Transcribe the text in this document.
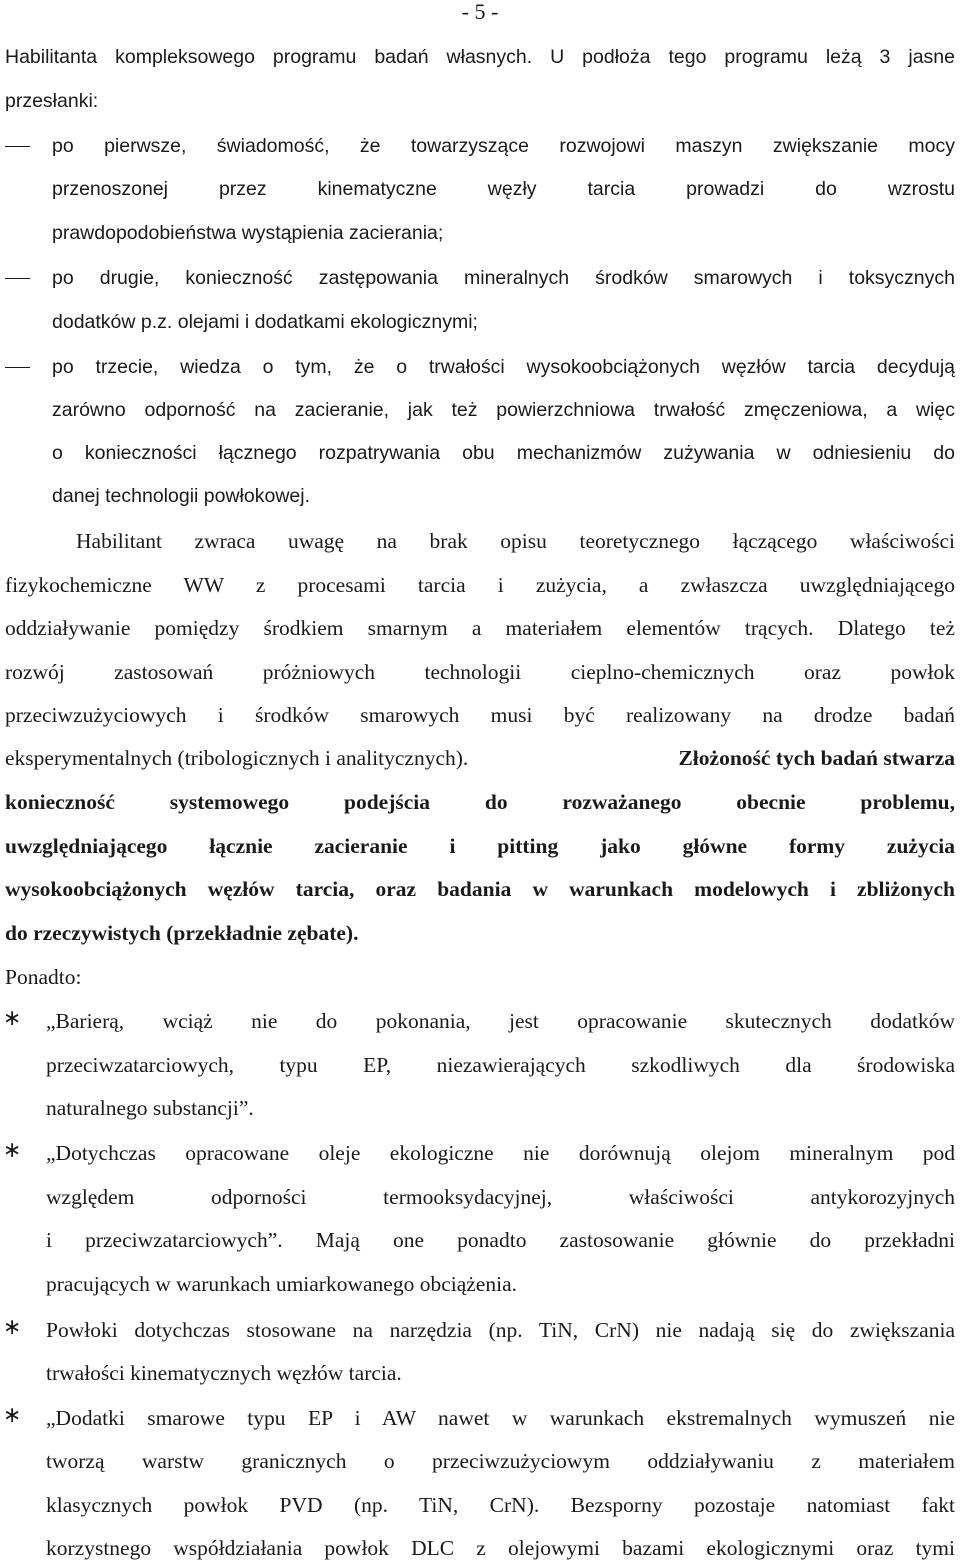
- 5 -
Habilitanta kompleksowego programu badań własnych. U podłoża tego programu leżą 3 jasne
przesłanki:
po pierwsze, świadomość, że towarzyszące rozwojowi maszyn zwiększanie mocy
przenoszonej przez kinematyczne węzły tarcia prowadzi do wzrostu
prawdopodobieństwa wystąpienia zacierania;
po drugie, konieczność zastępowania mineralnych środków smarowych i toksycznych
dodatków p.z. olejami i dodatkami ekologicznymi;
po trzecie, wiedza o tym, że o trwałości wysokoobciążonych węzłów tarcia decydują
zarówno odporność na zacieranie, jak też powierzchniowa trwałość zmęczeniowa, a więc
o konieczności łącznego rozpatrywania obu mechanizmów zużywania w odniesieniu do
danej technologii powłokowej.
Habilitant zwraca uwagę na brak opisu teoretycznego łączącego właściwości
fizykochemiczne WW z procesami tarcia i zużycia, a zwłaszcza uwzględniającego
oddziaływanie pomiędzy środkiem smarnym a materiałem elementów trących. Dlatego też
rozwój zastosowań próżniowych technologii cieplno-chemicznych oraz powłok
przeciwzużyciowych i środków smarowych musi być realizowany na drodze badań
eksperymentalnych (tribologicznych i analitycznych).	Złożoność tych badań stwarza
konieczność systemowego podejścia do rozważanego obecnie problemu,
uwzględniającego łącznie zacieranie i pitting jako główne formy zużycia
wysokoobciążonych węzłów tarcia, oraz badania w warunkach modelowych i zbliżonych
do rzeczywistych (przekładnie zębate).
Ponadto:
∗ „Barierą, wciąż nie do pokonania, jest opracowanie skutecznych dodatków
przeciwzatarciowych, typu EP, niezawierających szkodliwych dla środowiska
naturalnego substancji”.
∗ „Dotychczas opracowane oleje ekologiczne nie dorównują olejom mineralnym pod
względem odporności termooksydacyjnej, właściwości antykorozyjnych
i przeciwzatarciowych”. Mają one ponadto zastosowanie głównie do przekładni
pracujących w warunkach umiarkowanego obciążenia.
∗ Powłoki dotychczas stosowane na narzędzia (np. TiN, CrN) nie nadają się do zwiększania
trwałości kinematycznych węzłów tarcia.
∗ „Dodatki smarowe typu EP i AW nawet w warunkach ekstremalnych wymuszeń nie
tworzą warstw granicznych o przeciwzużyciowym oddziaływaniu z materiałem
klasycznych powłok PVD (np. TiN, CrN). Bezsporny pozostaje natomiast fakt
korzystnego współdziałania powłok DLC z olejowymi bazami ekologicznymi oraz tymi
